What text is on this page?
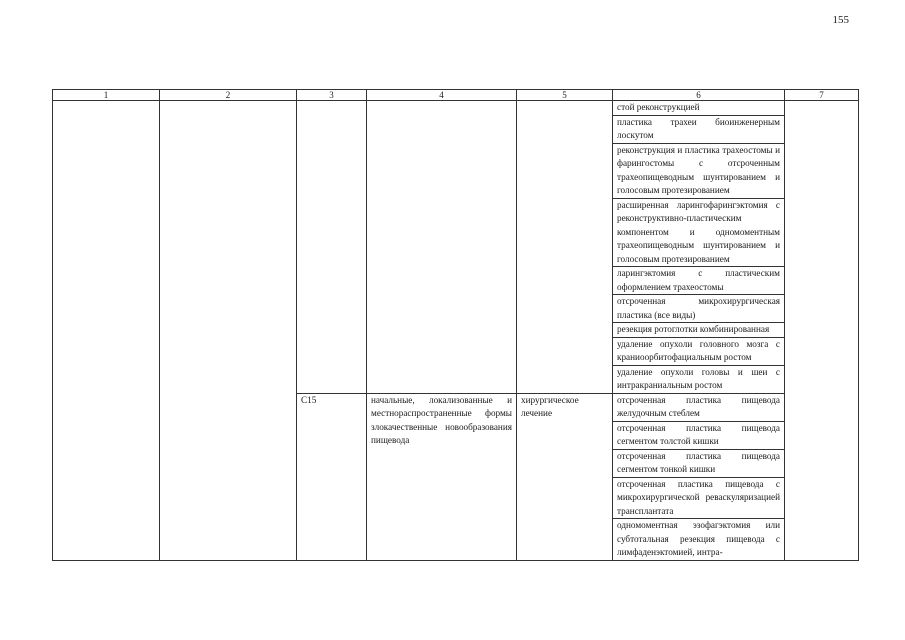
155
1	2	3	4	5	6	7
					стой реконструкцией	
					пластика трахеи биоинженерным лоскутом	
					реконструкция и пластика трахеостомы и фарингостомы с отсроченным трахеопищеводным шунтированием и голосовым протезированием	
					расширенная ларингофарингэктомия с реконструктивно-пластическим компонентом и одномоментным трахеопищеводным шунтированием и голосовым протезированием	
					ларингэктомия с пластическим оформлением трахеостомы	
					отсроченная микрохирургическая пластика (все виды)	
					резекция ротоглотки комбинированная	
					удаление опухоли головного мозга с краниоорбитофациальным ростом	
					удаление опухоли головы и шеи с интракраниальным ростом	
		C15	начальные, локализованные и местнораспространенные формы злокачественные новообразования пищевода	хирургическое лечение	отсроченная пластика пищевода желудочным стеблем	
					отсроченная пластика пищевода сегментом толстой кишки	
					отсроченная пластика пищевода сегментом тонкой кишки	
					отсроченная пластика пищевода с микрохирургической реваскуляризацией трансплантата	
					одномоментная эзофагэктомия или субтотальная резекция пищевода с лимфаденэктомией, интра-	
